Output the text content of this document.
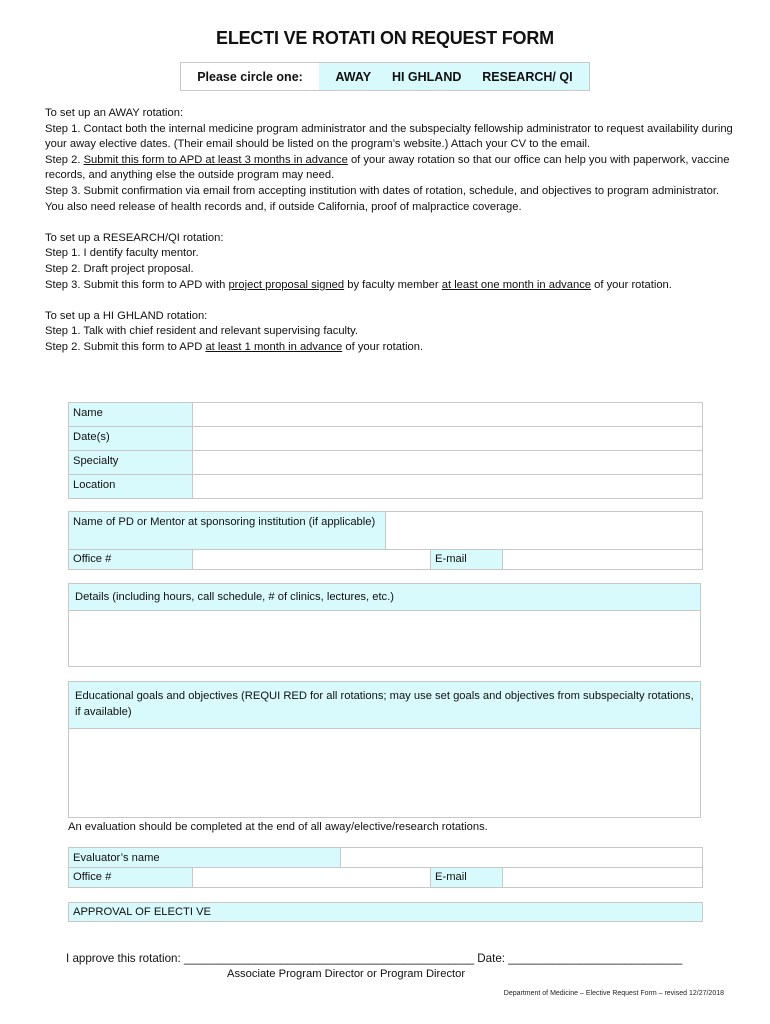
ELECTI VE ROTATI ON REQUEST FORM
Please circle one:	AWAY HI GHLAND RESEARCH/ QI

To set up an AWAY rotation:

Step 1. Contact both the internal medicine program administrator and the subspecialty fellowship administrator to request availability during your away elective dates. (Their email should be listed on the program’s website.) Attach your CV to the email.

Step 2. Submit this form to APD at least 3 months in advance of your away rotation so that our office can help you with paperwork, vaccine records, and anything else the outside program may need.

Step 3. Submit confirmation via email from accepting institution with dates of rotation, schedule, and objectives to program administrator. You also need release of health records and, if outside California, proof of malpractice coverage.

To set up a RESEARCH/QI rotation:

Step 1. I dentify faculty mentor.

Step 2. Draft project proposal.

Step 3. Submit this form to APD with project proposal signed by faculty member at least one month in advance of your rotation.

To set up a HI GHLAND rotation:

Step 1. Talk with chief resident and relevant supervising faculty.

Step 2. Submit this form to APD at least 1 month in advance of your rotation.

Name
Date(s)
Specialty
Location
Name of PD or Mentor at sponsoring institution (if applicable)
Office #	E-mail
Details (including hours, call schedule, # of clinics, lectures, etc.)
Educational goals and objectives (REQUI RED for all rotations; may use set goals and objectives from subspecialty rotations, if available)
An evaluation should be completed at the end of all away/elective/research rotations.
Evaluator’s name
Office #	E-mail
APPROVAL OF ELECTI VE
I approve this rotation: _____________________________________________ Date: ___________________________
Associate Program Director or Program Director
Department of Medicine – Elective Request Form – revised 12/27/2018
